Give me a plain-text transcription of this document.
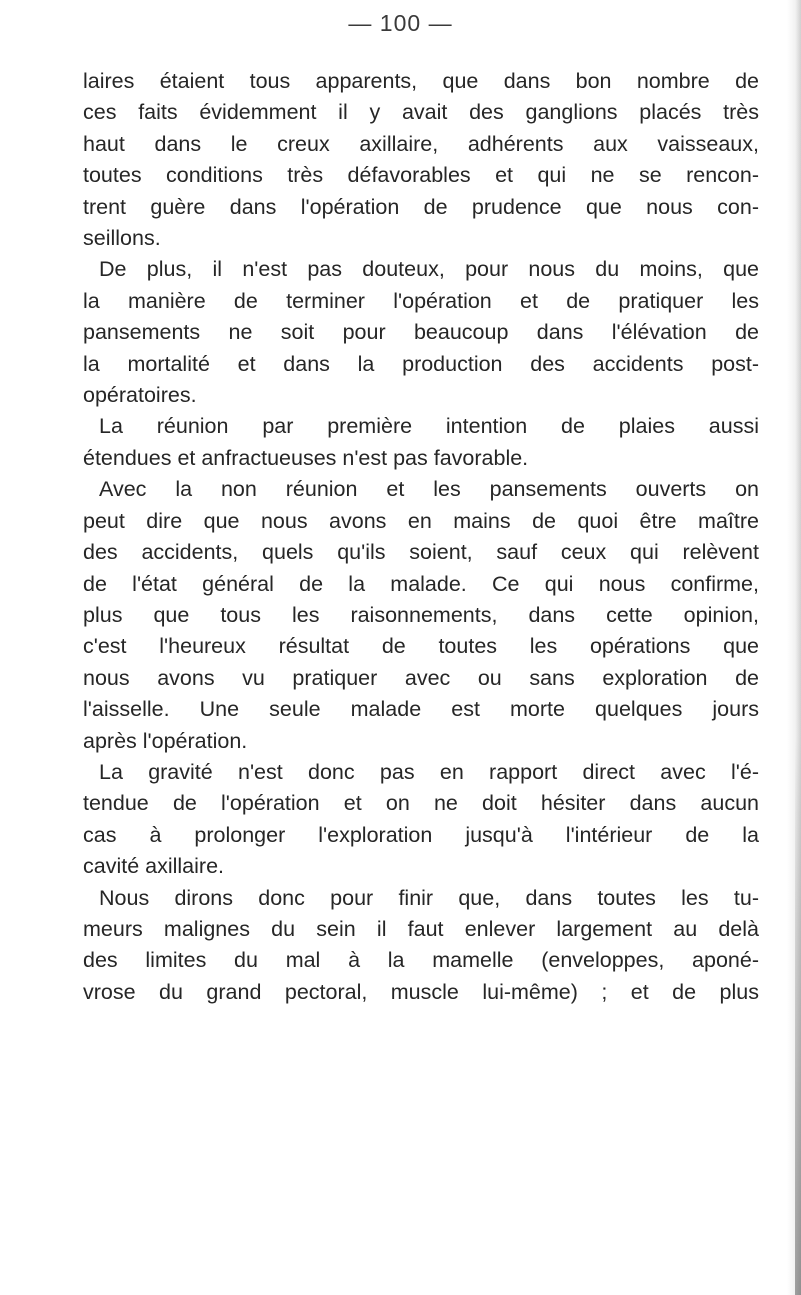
— 100 —
laires étaient tous apparents, que dans bon nombre de
ces faits évidemment il y avait des ganglions placés très
haut dans le creux axillaire, adhérents aux vaisseaux,
toutes conditions très défavorables et qui ne se rencon-
trent guère dans l'opération de prudence que nous con-
seillons.
De plus, il n'est pas douteux, pour nous du moins, que
la manière de terminer l'opération et de pratiquer les
pansements ne soit pour beaucoup dans l'élévation de
la mortalité et dans la production des accidents post-
opératoires.
La réunion par première intention de plaies aussi
étendues et anfractueuses n'est pas favorable.
Avec la non réunion et les pansements ouverts on
peut dire que nous avons en mains de quoi être maître
des accidents, quels qu'ils soient, sauf ceux qui relèvent
de l'état général de la malade. Ce qui nous confirme,
plus que tous les raisonnements, dans cette opinion,
c'est l'heureux résultat de toutes les opérations que
nous avons vu pratiquer avec ou sans exploration de
l'aisselle. Une seule malade est morte quelques jours
après l'opération.
La gravité n'est donc pas en rapport direct avec l'é-
tendue de l'opération et on ne doit hésiter dans aucun
cas à prolonger l'exploration jusqu'à l'intérieur de la
cavité axillaire.
Nous dirons donc pour finir que, dans toutes les tu-
meurs malignes du sein il faut enlever largement au delà
des limites du mal à la mamelle (enveloppes, aponé-
vrose du grand pectoral, muscle lui-même) ; et de plus
